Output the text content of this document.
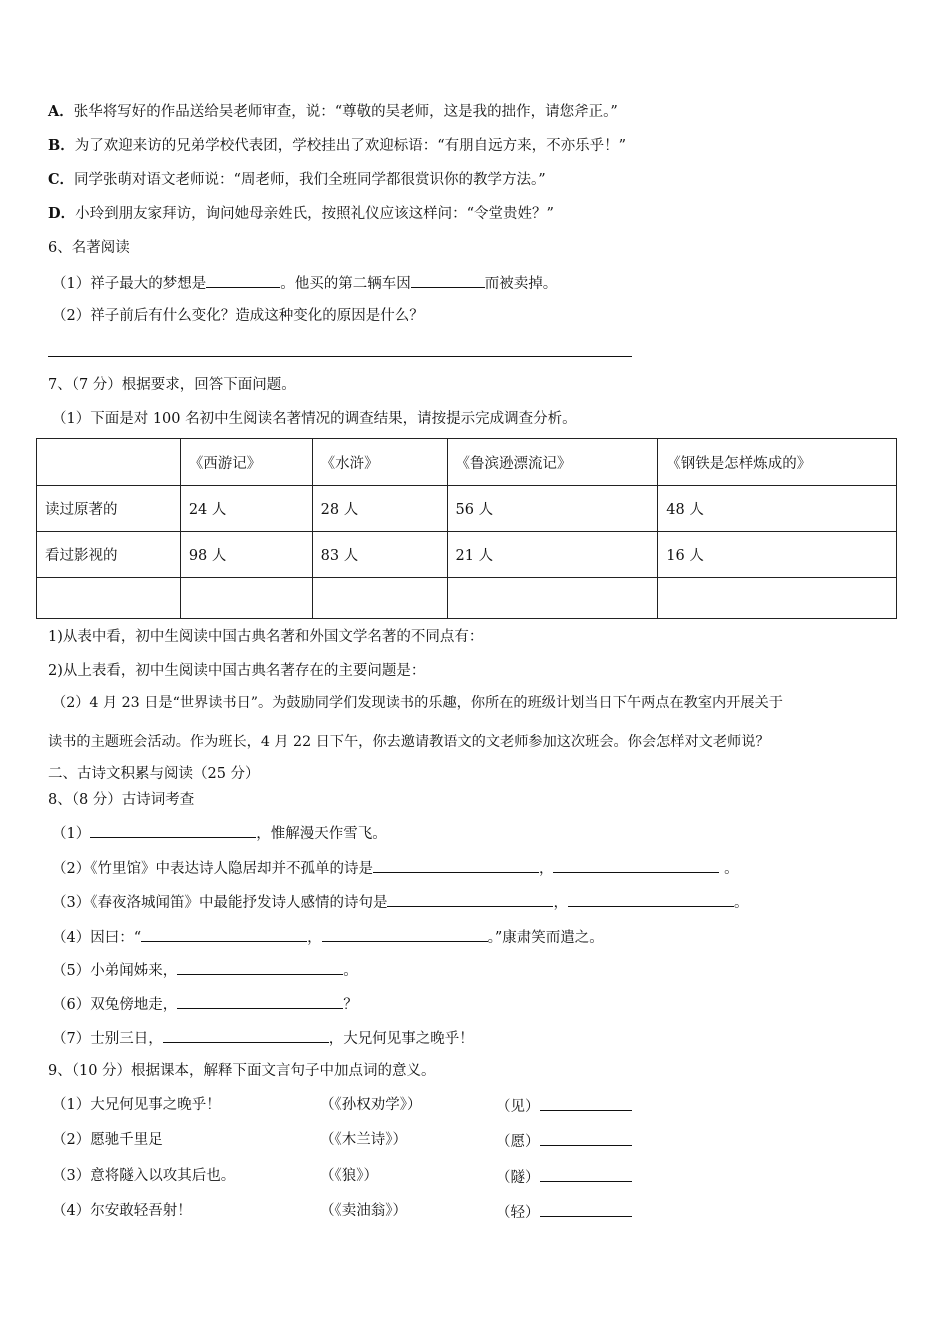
A．张华将写好的作品送给吴老师审查，说：“尊敬的吴老师，这是我的拙作，请您斧正。”
B．为了欢迎来访的兄弟学校代表团，学校挂出了欢迎标语：“有朋自远方来，不亦乐乎！”
C．同学张萌对语文老师说：“周老师，我们全班同学都很赏识你的教学方法。”
D．小玲到朋友家拜访，询问她母亲姓氏，按照礼仪应该这样问：“令堂贵姓？”
6、名著阅读
（1）祥子最大的梦想是	。他买的第二辆车因	而被卖掉。
（2）祥子前后有什么变化？造成这种变化的原因是什么？
7、（7 分）根据要求，回答下面问题。
（1）下面是对 100 名初中生阅读名著情况的调查结果，请按提示完成调查分析。
	《西游记》	《水浒》	《鲁滨逊漂流记》	《钢铁是怎样炼成的》
读过原著的	24 人	28 人	56 人	48 人
看过影视的	98 人	83 人	21 人	16 人

1)从表中看，初中生阅读中国古典名著和外国文学名著的不同点有：
2)从上表看，初中生阅读中国古典名著存在的主要问题是：
（2）4 月 23 日是“世界读书日”。为鼓励同学们发现读书的乐趣，你所在的班级计划当日下午两点在教室内开展关于
读书的主题班会活动。作为班长，4 月 22 日下午，你去邀请教语文的文老师参加这次班会。你会怎样对文老师说？
二、古诗文积累与阅读（25 分）
8、（8 分）古诗词考查
（1）	，惟解漫天作雪飞。
（2）《竹里馆》中表达诗人隐居却并不孤单的诗是	，	。
（3）《春夜洛城闻笛》中最能抒发诗人感情的诗句是	，	。
（4）因曰：“	，	。”康肃笑而遣之。
（5）小弟闻姊来，	。
（6）双兔傍地走，	？
（7）士别三日，	，大兄何见事之晚乎！
9、（10 分）根据课本，解释下面文言句子中加点词的意义。
（1）大兄何见事之晚乎！	（《孙权劝学》）	（见）
（2）愿驰千里足	（《木兰诗》）	（愿）
（3）意将隧入以攻其后也。	（《狼》）	（隧）
（4）尔安敢轻吾射！	（《卖油翁》）	（轻）
